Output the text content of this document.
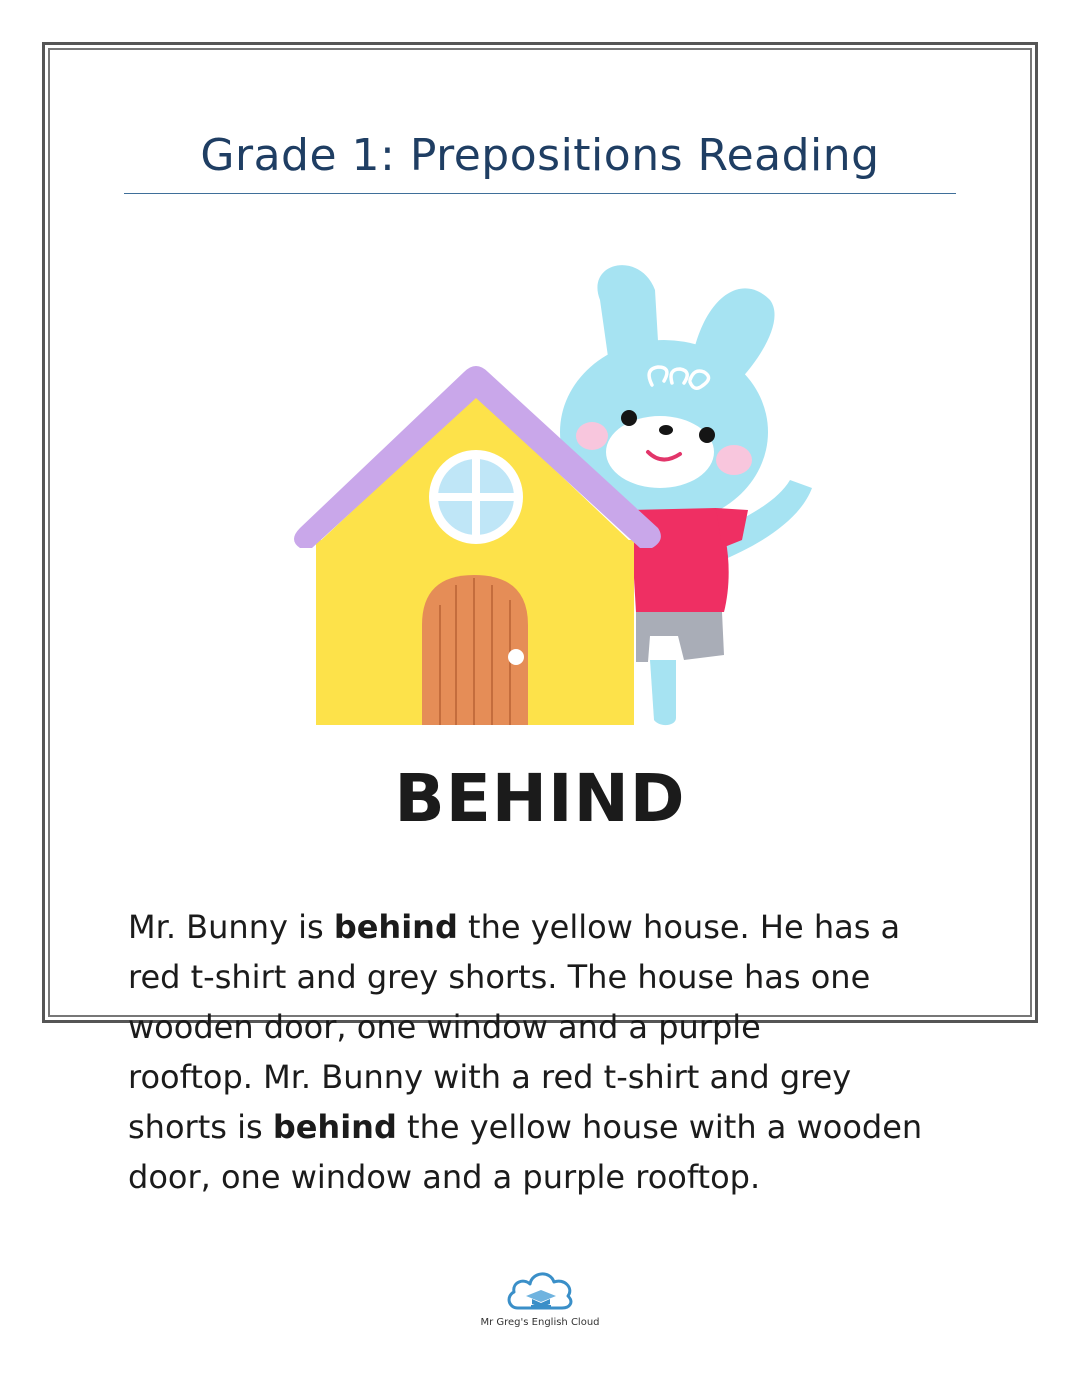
Grade 1: Prepositions Reading
BEHIND
Mr. Bunny is behind the yellow house. He has a
red t-shirt and grey shorts. The house has one
wooden door, one window and a purple
rooftop. Mr. Bunny with a red t-shirt and grey
shorts is behind the yellow house with a wooden
door, one window and a purple rooftop.
Mr Greg's English Cloud
